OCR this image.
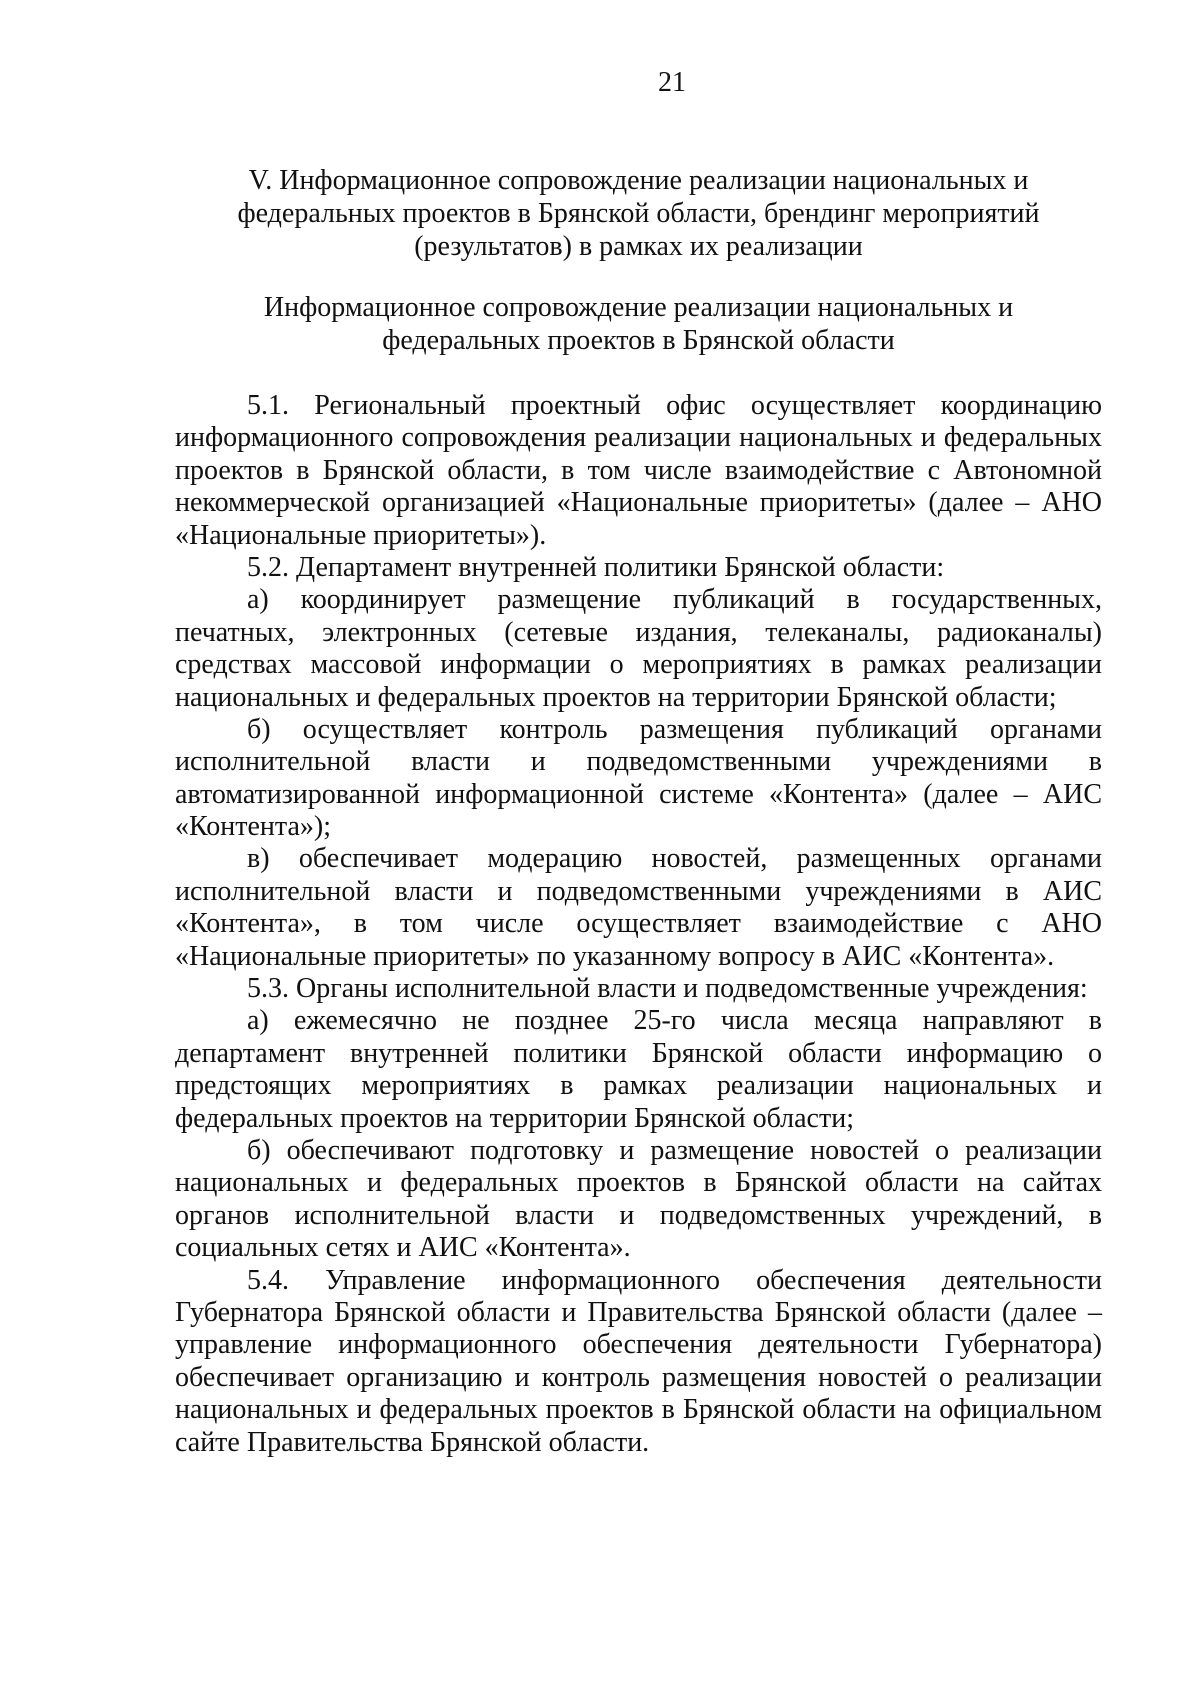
21
V. Информационное сопровождение реализации национальных и
федеральных проектов в Брянской области, брендинг мероприятий
(результатов) в рамках их реализации
Информационное сопровождение реализации национальных и
федеральных проектов в Брянской области
5.1. Региональный проектный офис осуществляет координацию
информационного сопровождения реализации национальных и федеральных
проектов в Брянской области, в том числе взаимодействие с Автономной
некоммерческой организацией «Национальные приоритеты» (далее – АНО
«Национальные приоритеты»).
5.2. Департамент внутренней политики Брянской области:
а) координирует размещение публикаций в государственных,
печатных, электронных (сетевые издания, телеканалы, радиоканалы)
средствах массовой информации о мероприятиях в рамках реализации
национальных и федеральных проектов на территории Брянской области;
б) осуществляет контроль размещения публикаций органами
исполнительной власти и подведомственными учреждениями в
автоматизированной информационной системе «Контента» (далее – АИС
«Контента»);
в) обеспечивает модерацию новостей, размещенных органами
исполнительной власти и подведомственными учреждениями в АИС
«Контента», в том числе осуществляет взаимодействие с АНО
«Национальные приоритеты» по указанному вопросу в АИС «Контента».
5.3. Органы исполнительной власти и подведомственные учреждения:
а) ежемесячно не позднее 25-го числа месяца направляют в
департамент внутренней политики Брянской области информацию о
предстоящих мероприятиях в рамках реализации национальных и
федеральных проектов на территории Брянской области;
б) обеспечивают подготовку и размещение новостей о реализации
национальных и федеральных проектов в Брянской области на сайтах
органов исполнительной власти и подведомственных учреждений, в
социальных сетях и АИС «Контента».
5.4. Управление информационного обеспечения деятельности
Губернатора Брянской области и Правительства Брянской области (далее –
управление информационного обеспечения деятельности Губернатора)
обеспечивает организацию и контроль размещения новостей о реализации
национальных и федеральных проектов в Брянской области на официальном
сайте Правительства Брянской области.
